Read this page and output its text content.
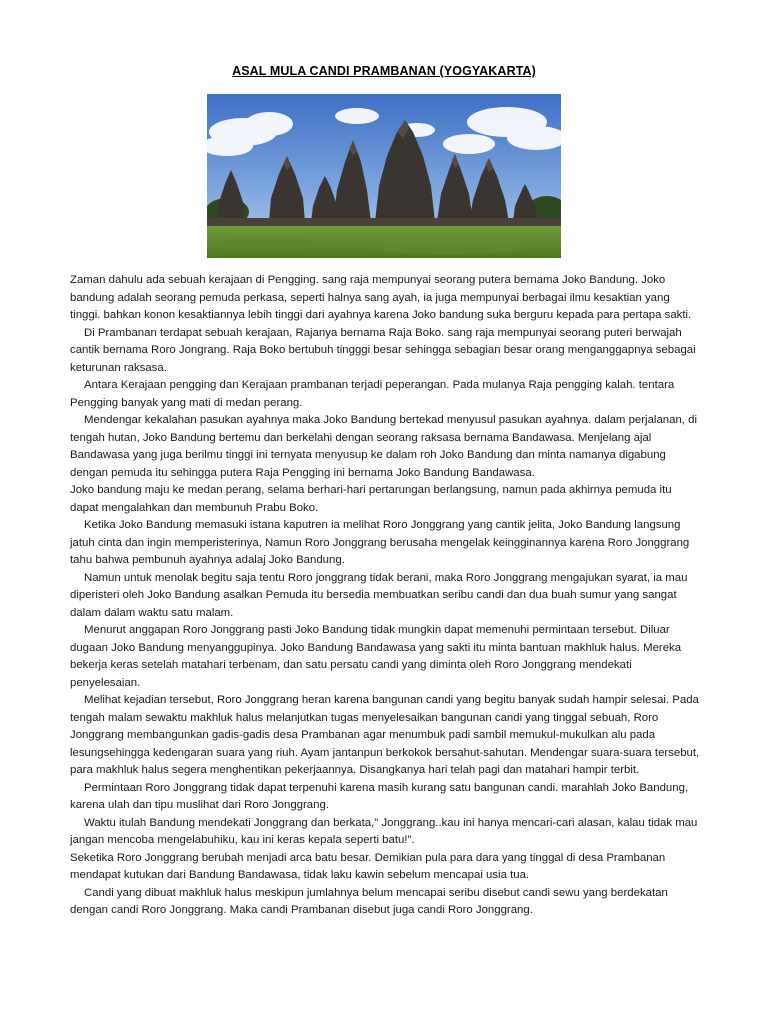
ASAL MULA CANDI PRAMBANAN (YOGYAKARTA)

Zaman dahulu ada sebuah kerajaan di Pengging. sang raja mempunyai seorang putera bernama Joko Bandung. Joko bandung adalah seorang pemuda perkasa, seperti halnya sang ayah, ia juga mempunyai berbagai ilmu kesaktian yang tinggi. bahkan konon kesaktiannya lebih tinggi dari ayahnya karena Joko bandung suka berguru kepada para pertapa sakti.

Di Prambanan terdapat sebuah kerajaan, Rajanya bernama Raja Boko. sang raja mempunyai seorang puteri berwajah cantik bernama Roro Jongrang. Raja Boko bertubuh tingggi besar sehingga sebagian besar orang menganggapnya sebagai keturunan raksasa.

Antara Kerajaan pengging dan Kerajaan prambanan terjadi peperangan. Pada mulanya Raja pengging kalah. tentara Pengging banyak yang mati di medan perang.

Mendengar kekalahan pasukan ayahnya maka Joko Bandung bertekad menyusul pasukan ayahnya. dalam perjalanan, di tengah hutan, Joko Bandung bertemu dan berkelahi dengan seorang raksasa bernama Bandawasa. Menjelang ajal Bandawasa yang juga berilmu tinggi ini ternyata menyusup ke dalam roh Joko Bandung dan minta namanya digabung dengan pemuda itu sehingga putera Raja Pengging ini bernama Joko Bandung Bandawasa.

Joko bandung maju ke medan perang, selama berhari-hari pertarungan berlangsung, namun pada akhirnya pemuda itu dapat mengalahkan dan membunuh Prabu Boko.

Ketika Joko Bandung memasuki istana kaputren ia melihat Roro Jonggrang yang cantik jelita, Joko Bandung langsung jatuh cinta dan ingin memperisterinya, Namun Roro Jonggrang berusaha mengelak keingginannya karena Roro Jonggrang tahu bahwa pembunuh ayahnya adalaj Joko Bandung.

Namun untuk menolak begitu saja tentu Roro jonggrang tidak berani, maka Roro Jonggrang mengajukan syarat, ia mau diperisteri oleh Joko Bandung asalkan Pemuda itu bersedia membuatkan seribu candi dan dua buah sumur yang sangat dalam dalam waktu satu malam.

Menurut anggapan Roro Jonggrang pasti Joko Bandung tidak mungkin dapat memenuhi permintaan tersebut. Diluar dugaan Joko Bandung menyanggupinya. Joko Bandung Bandawasa yang sakti itu minta bantuan makhluk halus. Mereka bekerja keras setelah matahari terbenam, dan satu persatu candi yang diminta oleh Roro Jonggrang mendekati penyelesaian.

Melihat kejadian tersebut, Roro Jonggrang heran karena bangunan candi yang begitu banyak sudah hampir selesai. Pada tengah malam sewaktu makhluk halus melanjutkan tugas menyelesaikan bangunan candi yang tinggal sebuah, Roro Jonggrang membangunkan gadis-gadis desa Prambanan agar menumbuk padi sambil memukul-mukulkan alu pada lesungsehingga kedengaran suara yang riuh. Ayam jantanpun berkokok bersahut-sahutan. Mendengar suara-suara tersebut, para makhluk halus segera menghentikan pekerjaannya. Disangkanya hari telah pagi dan matahari hampir terbit.

Permintaan Roro Jonggrang tidak dapat terpenuhi karena masih kurang satu bangunan candi. marahlah Joko Bandung, karena ulah dan tipu muslihat dari Roro Jonggrang.

Waktu itulah Bandung mendekati Jonggrang dan berkata," Jonggrang..kau ini hanya mencari-cari alasan, kalau tidak mau jangan mencoba mengelabuhiku, kau ini keras kepala seperti batu!".

Seketika Roro Jonggrang berubah menjadi arca batu besar. Demikian pula para dara yang tinggal di desa Prambanan mendapat kutukan dari Bandung Bandawasa, tidak laku kawin sebelum mencapai usia tua.

Candi yang dibuat makhluk halus meskipun jumlahnya belum mencapai seribu disebut candi sewu yang berdekatan dengan candi Roro Jonggrang. Maka candi Prambanan disebut juga candi Roro Jonggrang.
